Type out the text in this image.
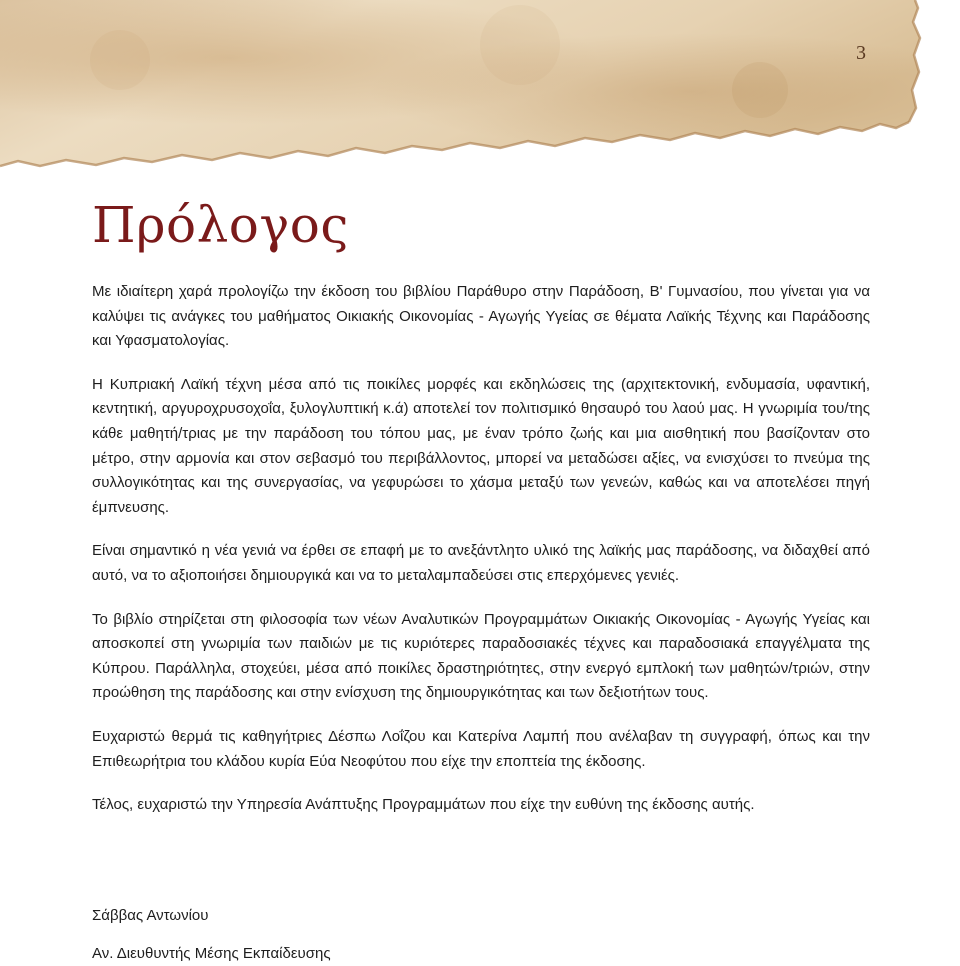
3
Πρόλογος

Με ιδιαίτερη χαρά προλογίζω την έκδοση του βιβλίου Παράθυρο στην Παράδοση, Β' Γυμνασίου, που γίνεται για να καλύψει τις ανάγκες του μαθήματος Οικιακής Οικονομίας - Αγωγής Υγείας σε θέματα Λαϊκής Τέχνης και Παράδοσης και Υφασματολογίας.

Η Κυπριακή Λαϊκή τέχνη μέσα από τις ποικίλες μορφές και εκδηλώσεις της (αρχιτεκτονική, ενδυμασία, υφαντική, κεντητική, αργυροχρυσοχοΐα, ξυλογλυπτική κ.ά) αποτελεί τον πολιτισμικό θησαυρό του λαού μας. Η γνωριμία του/της κάθε μαθητή/τριας με την παράδοση του τόπου μας, με έναν τρόπο ζωής και μια αισθητική που βασίζονταν στο μέτρο, στην αρμονία και στον σεβασμό του περιβάλλοντος, μπορεί να μεταδώσει αξίες, να ενισχύσει το πνεύμα της συλλογικότητας και της συνεργασίας, να γεφυρώσει το χάσμα μεταξύ των γενεών, καθώς και να αποτελέσει πηγή έμπνευσης.

Είναι σημαντικό η νέα γενιά να έρθει σε επαφή με το ανεξάντλητο υλικό της λαϊκής μας παράδοσης, να διδαχθεί από αυτό, να το αξιοποιήσει δημιουργικά και να το μεταλαμπαδεύσει στις επερχόμενες γενιές.

Το βιβλίο στηρίζεται στη φιλοσοφία των νέων Αναλυτικών Προγραμμάτων Οικιακής Οικονομίας - Αγωγής Υγείας και αποσκοπεί στη γνωριμία των παιδιών με τις κυριότερες παραδοσιακές τέχνες και παραδοσιακά επαγγέλματα της Κύπρου. Παράλληλα, στοχεύει, μέσα από ποικίλες δραστηριότητες, στην ενεργό εμπλοκή των μαθητών/τριών, στην προώθηση της παράδοσης και στην ενίσχυση της δημιουργικότητας και των δεξιοτήτων τους.

Ευχαριστώ θερμά τις καθηγήτριες Δέσπω Λοΐζου και Κατερίνα Λαμπή που ανέλαβαν τη συγγραφή, όπως και την Επιθεωρήτρια του κλάδου κυρία Εύα Νεοφύτου που είχε την εποπτεία της έκδοσης.

Τέλος, ευχαριστώ την Υπηρεσία Ανάπτυξης Προγραμμάτων που είχε την ευθύνη της έκδοσης αυτής.

Σάββας Αντωνίου
Αν. Διευθυντής Μέσης Εκπαίδευσης
